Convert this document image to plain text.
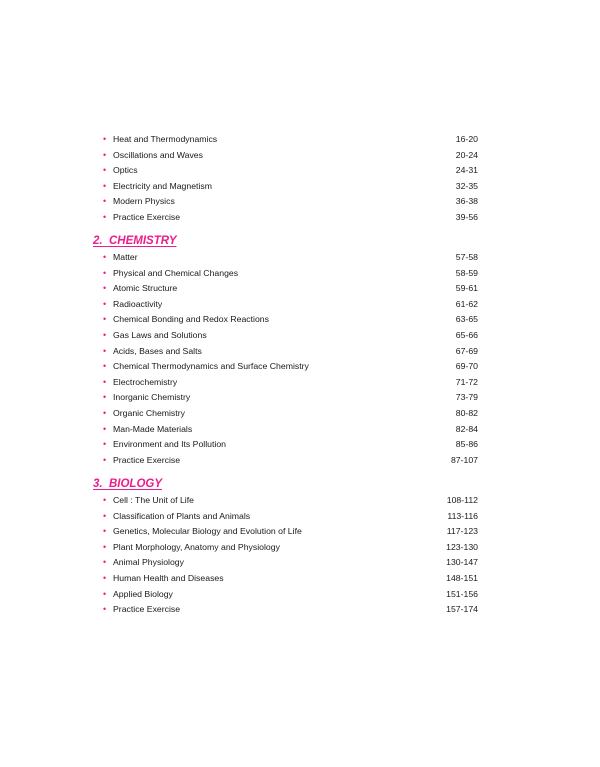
• Heat and Thermodynamics	16-20
• Oscillations and Waves	20-24
• Optics	24-31
• Electricity and Magnetism	32-35
• Modern Physics	36-38
• Practice Exercise	39-56
2.  CHEMISTRY
• Matter	57-58
• Physical and Chemical Changes	58-59
• Atomic Structure	59-61
• Radioactivity	61-62
• Chemical Bonding and Redox Reactions	63-65
• Gas Laws and Solutions	65-66
• Acids, Bases and Salts	67-69
• Chemical Thermodynamics and Surface Chemistry	69-70
• Electrochemistry	71-72
• Inorganic Chemistry	73-79
• Organic Chemistry	80-82
• Man-Made Materials	82-84
• Environment and Its Pollution	85-86
• Practice Exercise	87-107
3.  BIOLOGY
• Cell : The Unit of Life	108-112
• Classification of Plants and Animals	113-116
• Genetics, Molecular Biology and Evolution of Life	117-123
• Plant Morphology, Anatomy and Physiology	123-130
• Animal Physiology	130-147
• Human Health and Diseases	148-151
• Applied Biology	151-156
• Practice Exercise	157-174
